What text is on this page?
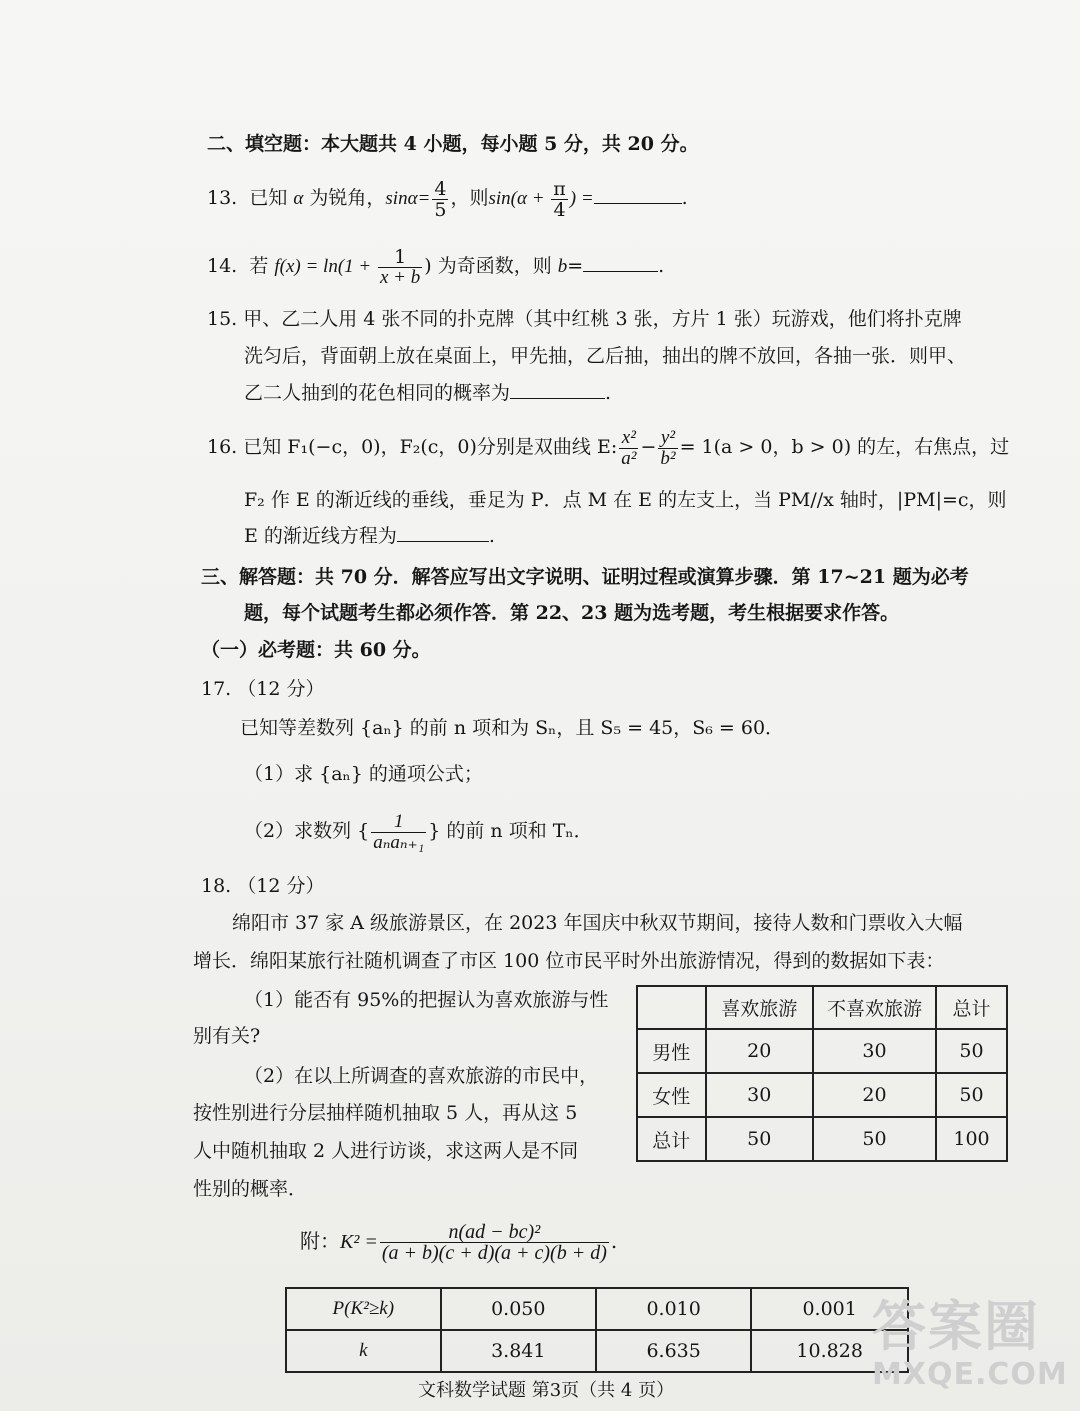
二、填空题：本大题共 4 小题，每小题 5 分，共 20 分。
13. 已知 α 为锐角，$\sin\alpha= \frac{4}{5}$ ，则$\sin(\alpha + \frac{\pi}{4}$ ) =	.
14. 若 $f(x) = \ln(1 + \frac{1}{x + b}$ ) 为奇函数，则 b=	.
15. 甲、乙二人用 4 张不同的扑克牌（其中红桃 3 张，方片 1 张）玩游戏，他们将扑克牌
洗匀后，背面朝上放在桌面上，甲先抽，乙后抽，抽出的牌不放回，各抽一张．则甲、
乙二人抽到的花色相同的概率为	.
16. 已知 F₁(−c，0)，F₂(c，0)分别是双曲线 E: $\frac{\text{x²}}{\text{a²}} - \frac{\text{y²}}{\text{b²}} = 1(a > 0$，b > 0) 的左，右焦点，过
F₂ 作 E 的渐近线的垂线，垂足为 P．点 M 在 E 的左支上，当 PM//x 轴时，|PM|=c，则
E 的渐近线方程为	.
三、解答题：共 70 分．解答应写出文字说明、证明过程或演算步骤．第 17~21 题为必考
题，每个试题考生都必须作答．第 22、23 题为选考题，考生根据要求作答。
（一）必考题：共 60 分。
17. （12 分）
已知等差数列 {aₙ} 的前 n 项和为 Sₙ，且 S₅ = 45，S₆ = 60．
（1）求 {aₙ} 的通项公式；
（2）求数列 { $\frac{1}{\text{aₙaₙ₊₁}}$ } 的前 n 项和 Tₙ．
18. （12 分）
绵阳市 37 家 A 级旅游景区，在 2023 年国庆中秋双节期间，接待人数和门票收入大幅
增长．绵阳某旅行社随机调查了市区 100 位市民平时外出旅游情况，得到的数据如下表：
（1）能否有 95%的把握认为喜欢旅游与性
别有关?
（2）在以上所调查的喜欢旅游的市民中，
按性别进行分层抽样随机抽取 5 人，再从这 5
人中随机抽取 2 人进行访谈，求这两人是不同
性别的概率．
	喜欢旅游	不喜欢旅游	总计
男性	20	30	50
女性	30	20	50
总计	50	50	100
附：$K^2 = \frac{\text{n(ad − bc)²}}{(a + b)(c + d)(a + c)(b + d)}$ .
P(K²≥k)	0.050	0.010	0.001
k	3.841	6.635	10.828
文科数学试题 第3页（共 4 页）
答案圈
MXQE.COM
